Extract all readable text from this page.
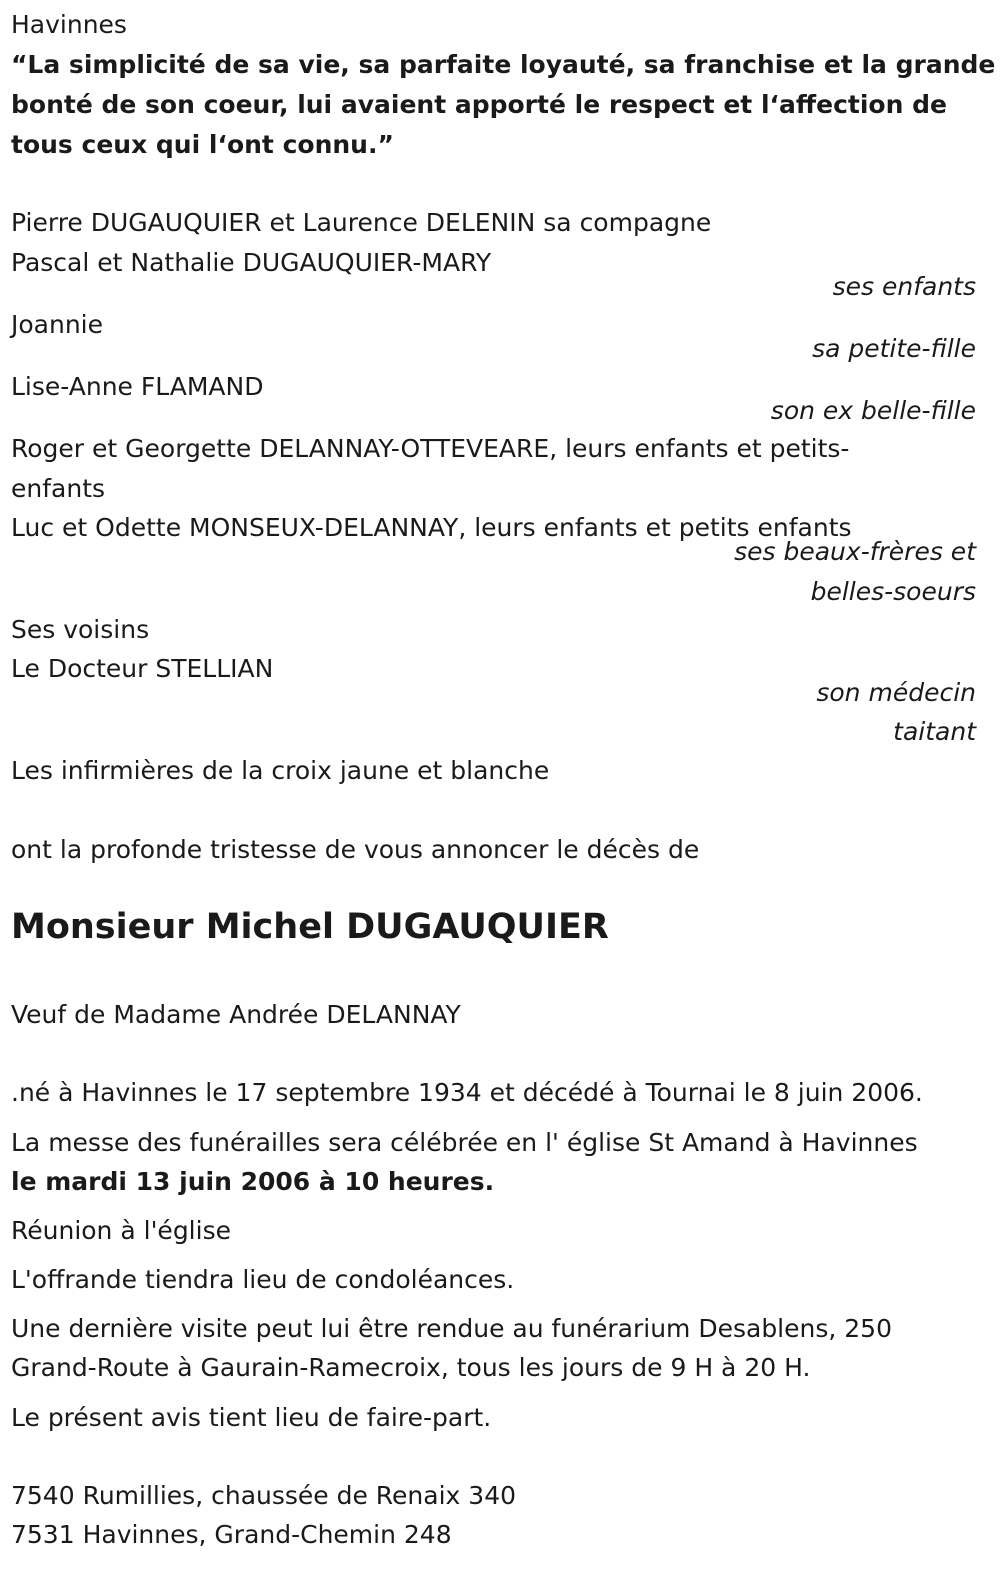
Havinnes
“La simplicité de sa vie, sa parfaite loyauté, sa franchise et la grande
bonté de son coeur, lui avaient apporté le respect et l‘affection de
tous ceux qui l‘ont connu.”
Pierre DUGAUQUIER et Laurence DELENIN sa compagne
Pascal et Nathalie DUGAUQUIER-MARY
ses enfants
Joannie
sa petite-fille
Lise-Anne FLAMAND
son ex belle-fille
Roger et Georgette DELANNAY-OTTEVEARE, leurs enfants et petits-
enfants
Luc et Odette MONSEUX-DELANNAY, leurs enfants et petits enfants
ses beaux-frères et
belles-soeurs
Ses voisins
Le Docteur STELLIAN
son médecin
taitant
Les infirmières de la croix jaune et blanche
ont la profonde tristesse de vous annoncer le décès de
Monsieur Michel DUGAUQUIER
Veuf de Madame Andrée DELANNAY
.né à Havinnes le 17 septembre 1934 et décédé à Tournai le 8 juin 2006.
La messe des funérailles sera célébrée en l' église St Amand à Havinnes
le mardi 13 juin 2006 à 10 heures.
Réunion à l'église
L'offrande tiendra lieu de condoléances.
Une dernière visite peut lui être rendue au funérarium Desablens, 250
Grand-Route à Gaurain-Ramecroix, tous les jours de 9 H à 20 H.
Le présent avis tient lieu de faire-part.
7540 Rumillies, chaussée de Renaix 340
7531 Havinnes, Grand-Chemin 248
